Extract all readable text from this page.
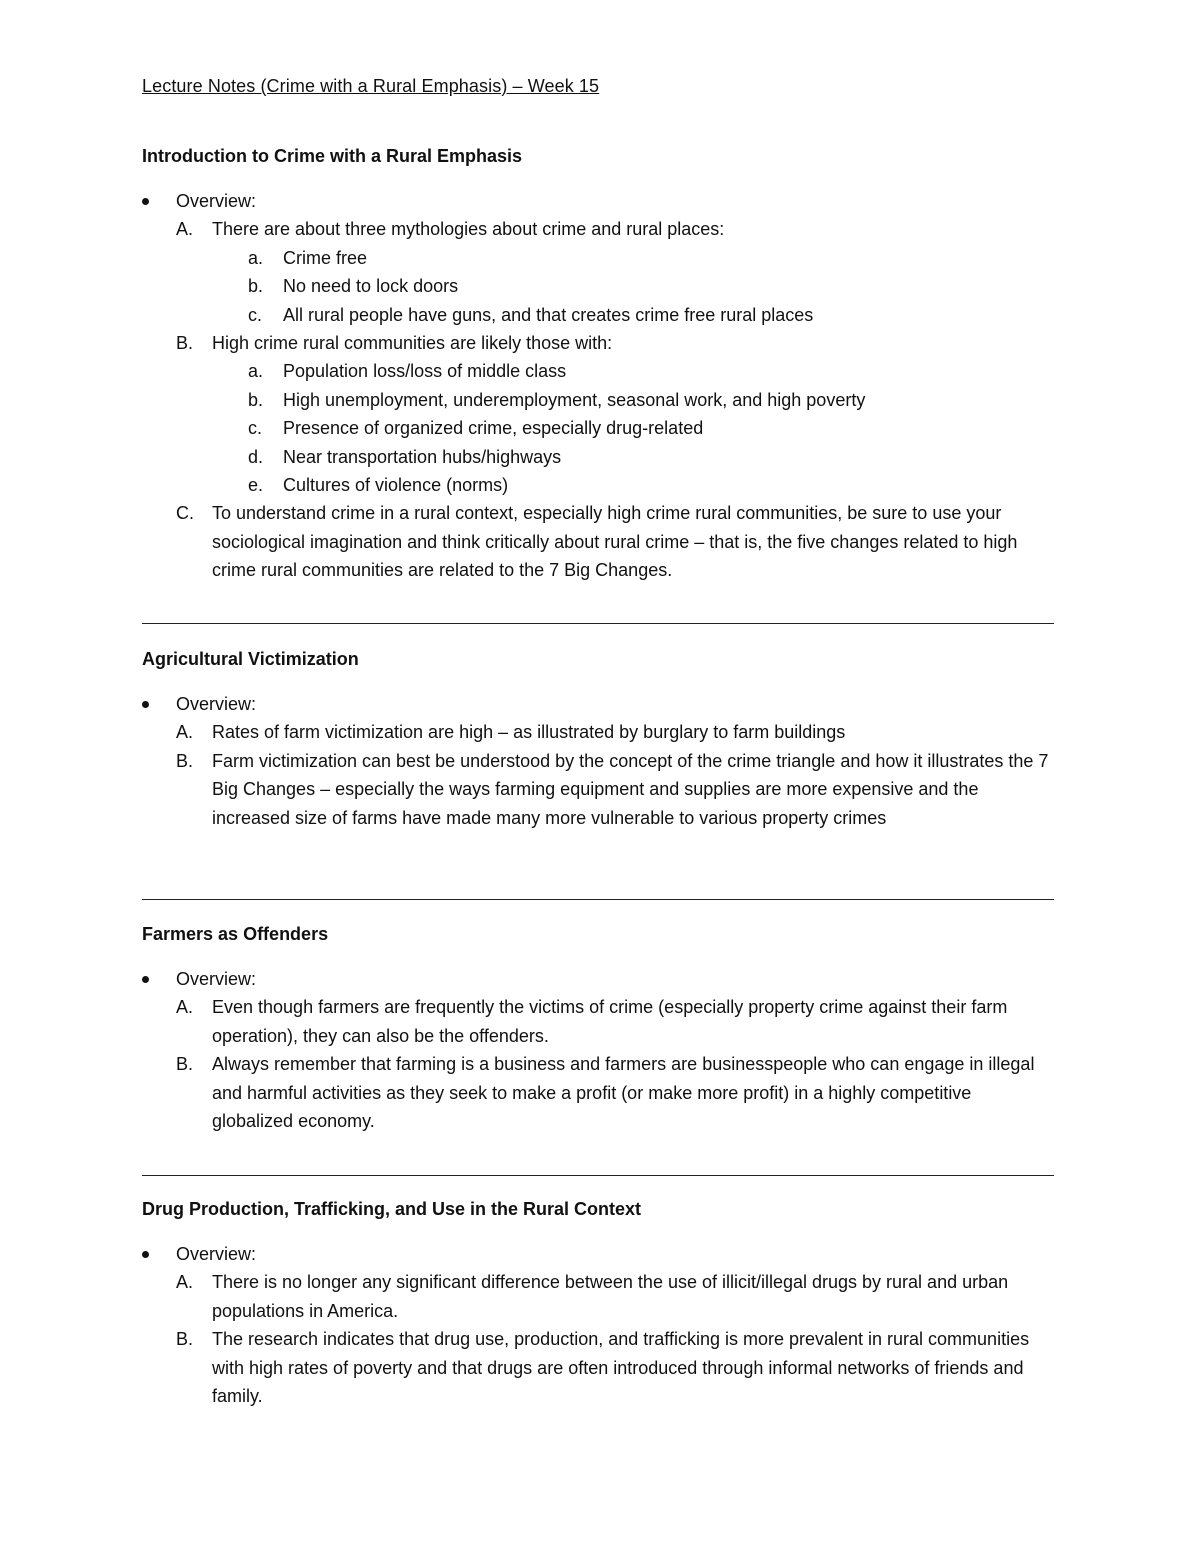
Lecture Notes (Crime with a Rural Emphasis) – Week 15

Introduction to Crime with a Rural Emphasis

Overview:
A. There are about three mythologies about crime and rural places:
a. Crime free
b. No need to lock doors
c. All rural people have guns, and that creates crime free rural places
B. High crime rural communities are likely those with:
a. Population loss/loss of middle class
b. High unemployment, underemployment, seasonal work, and high poverty
c. Presence of organized crime, especially drug-related
d. Near transportation hubs/highways
e. Cultures of violence (norms)
C. To understand crime in a rural context, especially high crime rural communities, be sure to use your sociological imagination and think critically about rural crime – that is, the five changes related to high crime rural communities are related to the 7 Big Changes.

Agricultural Victimization

Overview:
A. Rates of farm victimization are high – as illustrated by burglary to farm buildings
B. Farm victimization can best be understood by the concept of the crime triangle and how it illustrates the 7 Big Changes – especially the ways farming equipment and supplies are more expensive and the increased size of farms have made many more vulnerable to various property crimes

Farmers as Offenders

Overview:
A. Even though farmers are frequently the victims of crime (especially property crime against their farm operation), they can also be the offenders.
B. Always remember that farming is a business and farmers are businesspeople who can engage in illegal and harmful activities as they seek to make a profit (or make more profit) in a highly competitive globalized economy.

Drug Production, Trafficking, and Use in the Rural Context

Overview:
A. There is no longer any significant difference between the use of illicit/illegal drugs by rural and urban populations in America.
B. The research indicates that drug use, production, and trafficking is more prevalent in rural communities with high rates of poverty and that drugs are often introduced through informal networks of friends and family.
